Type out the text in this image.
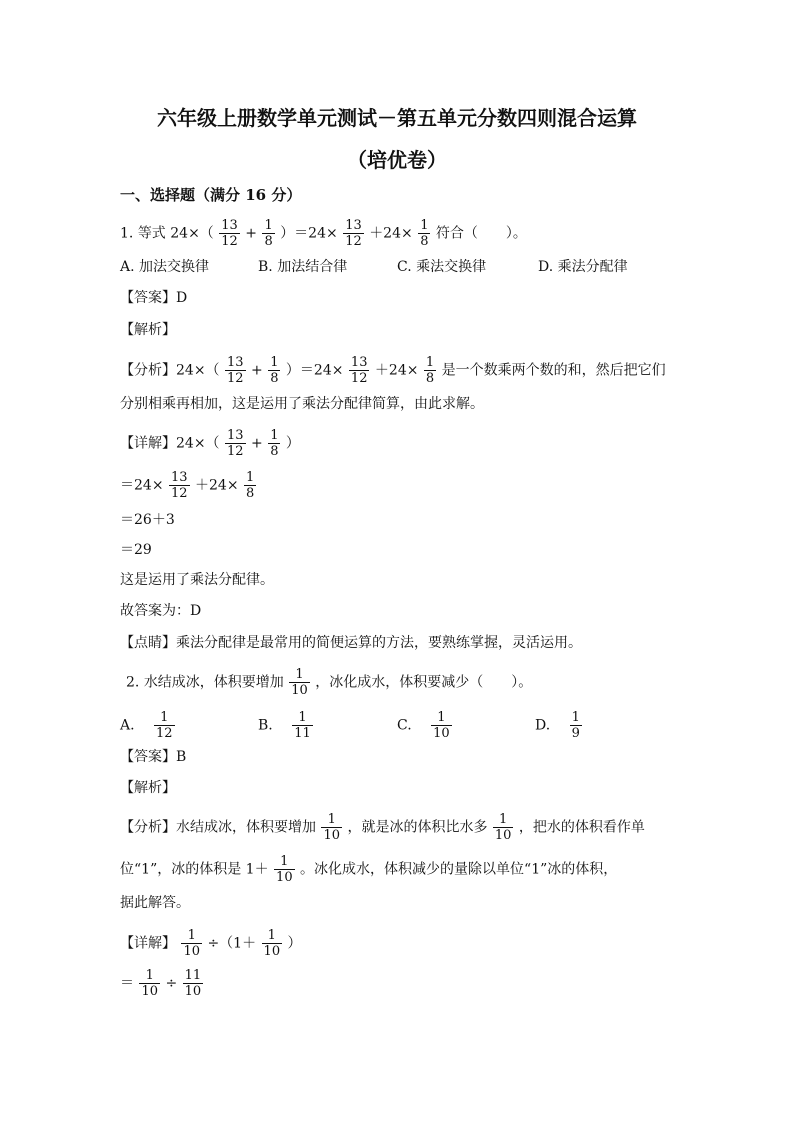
六年级上册数学单元测试－第五单元分数四则混合运算
（培优卷）
一、选择题（满分 16 分）
1. 等式 $24\times( \frac{13}{12} + \frac{1}{8} )=24\times \frac{13}{12} +24\times \frac{1}{8}$ 符合（　　）。
A. 加法交换律	B. 加法结合律	C. 乘法交换律	D. 乘法分配律
【答案】D
【解析】
【分析】$24\times( \frac{13}{12} + \frac{1}{8} )=24\times \frac{13}{12} +24\times \frac{1}{8}$ 是一个数乘两个数的和，然后把它们
分别相乘再相加，这是运用了乘法分配律简算，由此求解。
【详解】$24\times( \frac{13}{12} + \frac{1}{8}$ ）
$=24\times \frac{13}{12} +24\times \frac{1}{8}$
＝26＋3
＝29
这是运用了乘法分配律。
故答案为：D
【点睛】乘法分配律是最常用的简便运算的方法，要熟练掌握，灵活运用。
2. 水结成冰，体积要增加 $\frac{1}{10}$ ，冰化成水，体积要减少（　　）。
A. $\frac{1}{12}$	B. $\frac{1}{11}$	C. $\frac{1}{10}$	D. $\frac{1}{9}$
【答案】B
【解析】
【分析】水结成冰，体积要增加 $\frac{1}{10}$ ，就是冰的体积比水多 $\frac{1}{10}$ ，把水的体积看作单
位“1”，冰的体积是 $1+ \frac{1}{10}$ 。冰化成水，体积减少的量除以单位“1”冰的体积，
据此解答。
【详解】 $\frac{1}{10} \div(1+ \frac{1}{10}$ ）
＝ $\frac{1}{10} \div \frac{11}{10}$
